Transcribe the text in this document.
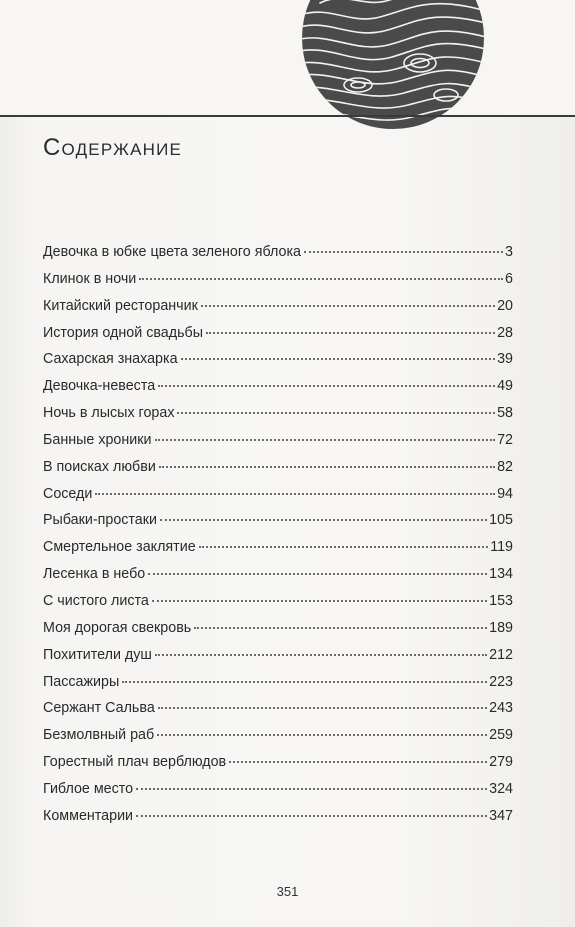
Содержание
Девочка в юбке цвета зеленого яблока	3
Клинок в ночи	6
Китайский ресторанчик	20
История одной свадьбы	28
Сахарская знахарка	39
Девочка-невеста	49
Ночь в лысых горах	58
Банные хроники	72
В поисках любви	82
Соседи	94
Рыбаки-простаки	105
Смертельное заклятие	119
Лесенка в небо	134
С чистого листа	153
Моя дорогая свекровь	189
Похитители душ	212
Пассажиры	223
Сержант Сальва	243
Безмолвный раб	259
Горестный плач верблюдов	279
Гиблое место	324
Комментарии	347
351
